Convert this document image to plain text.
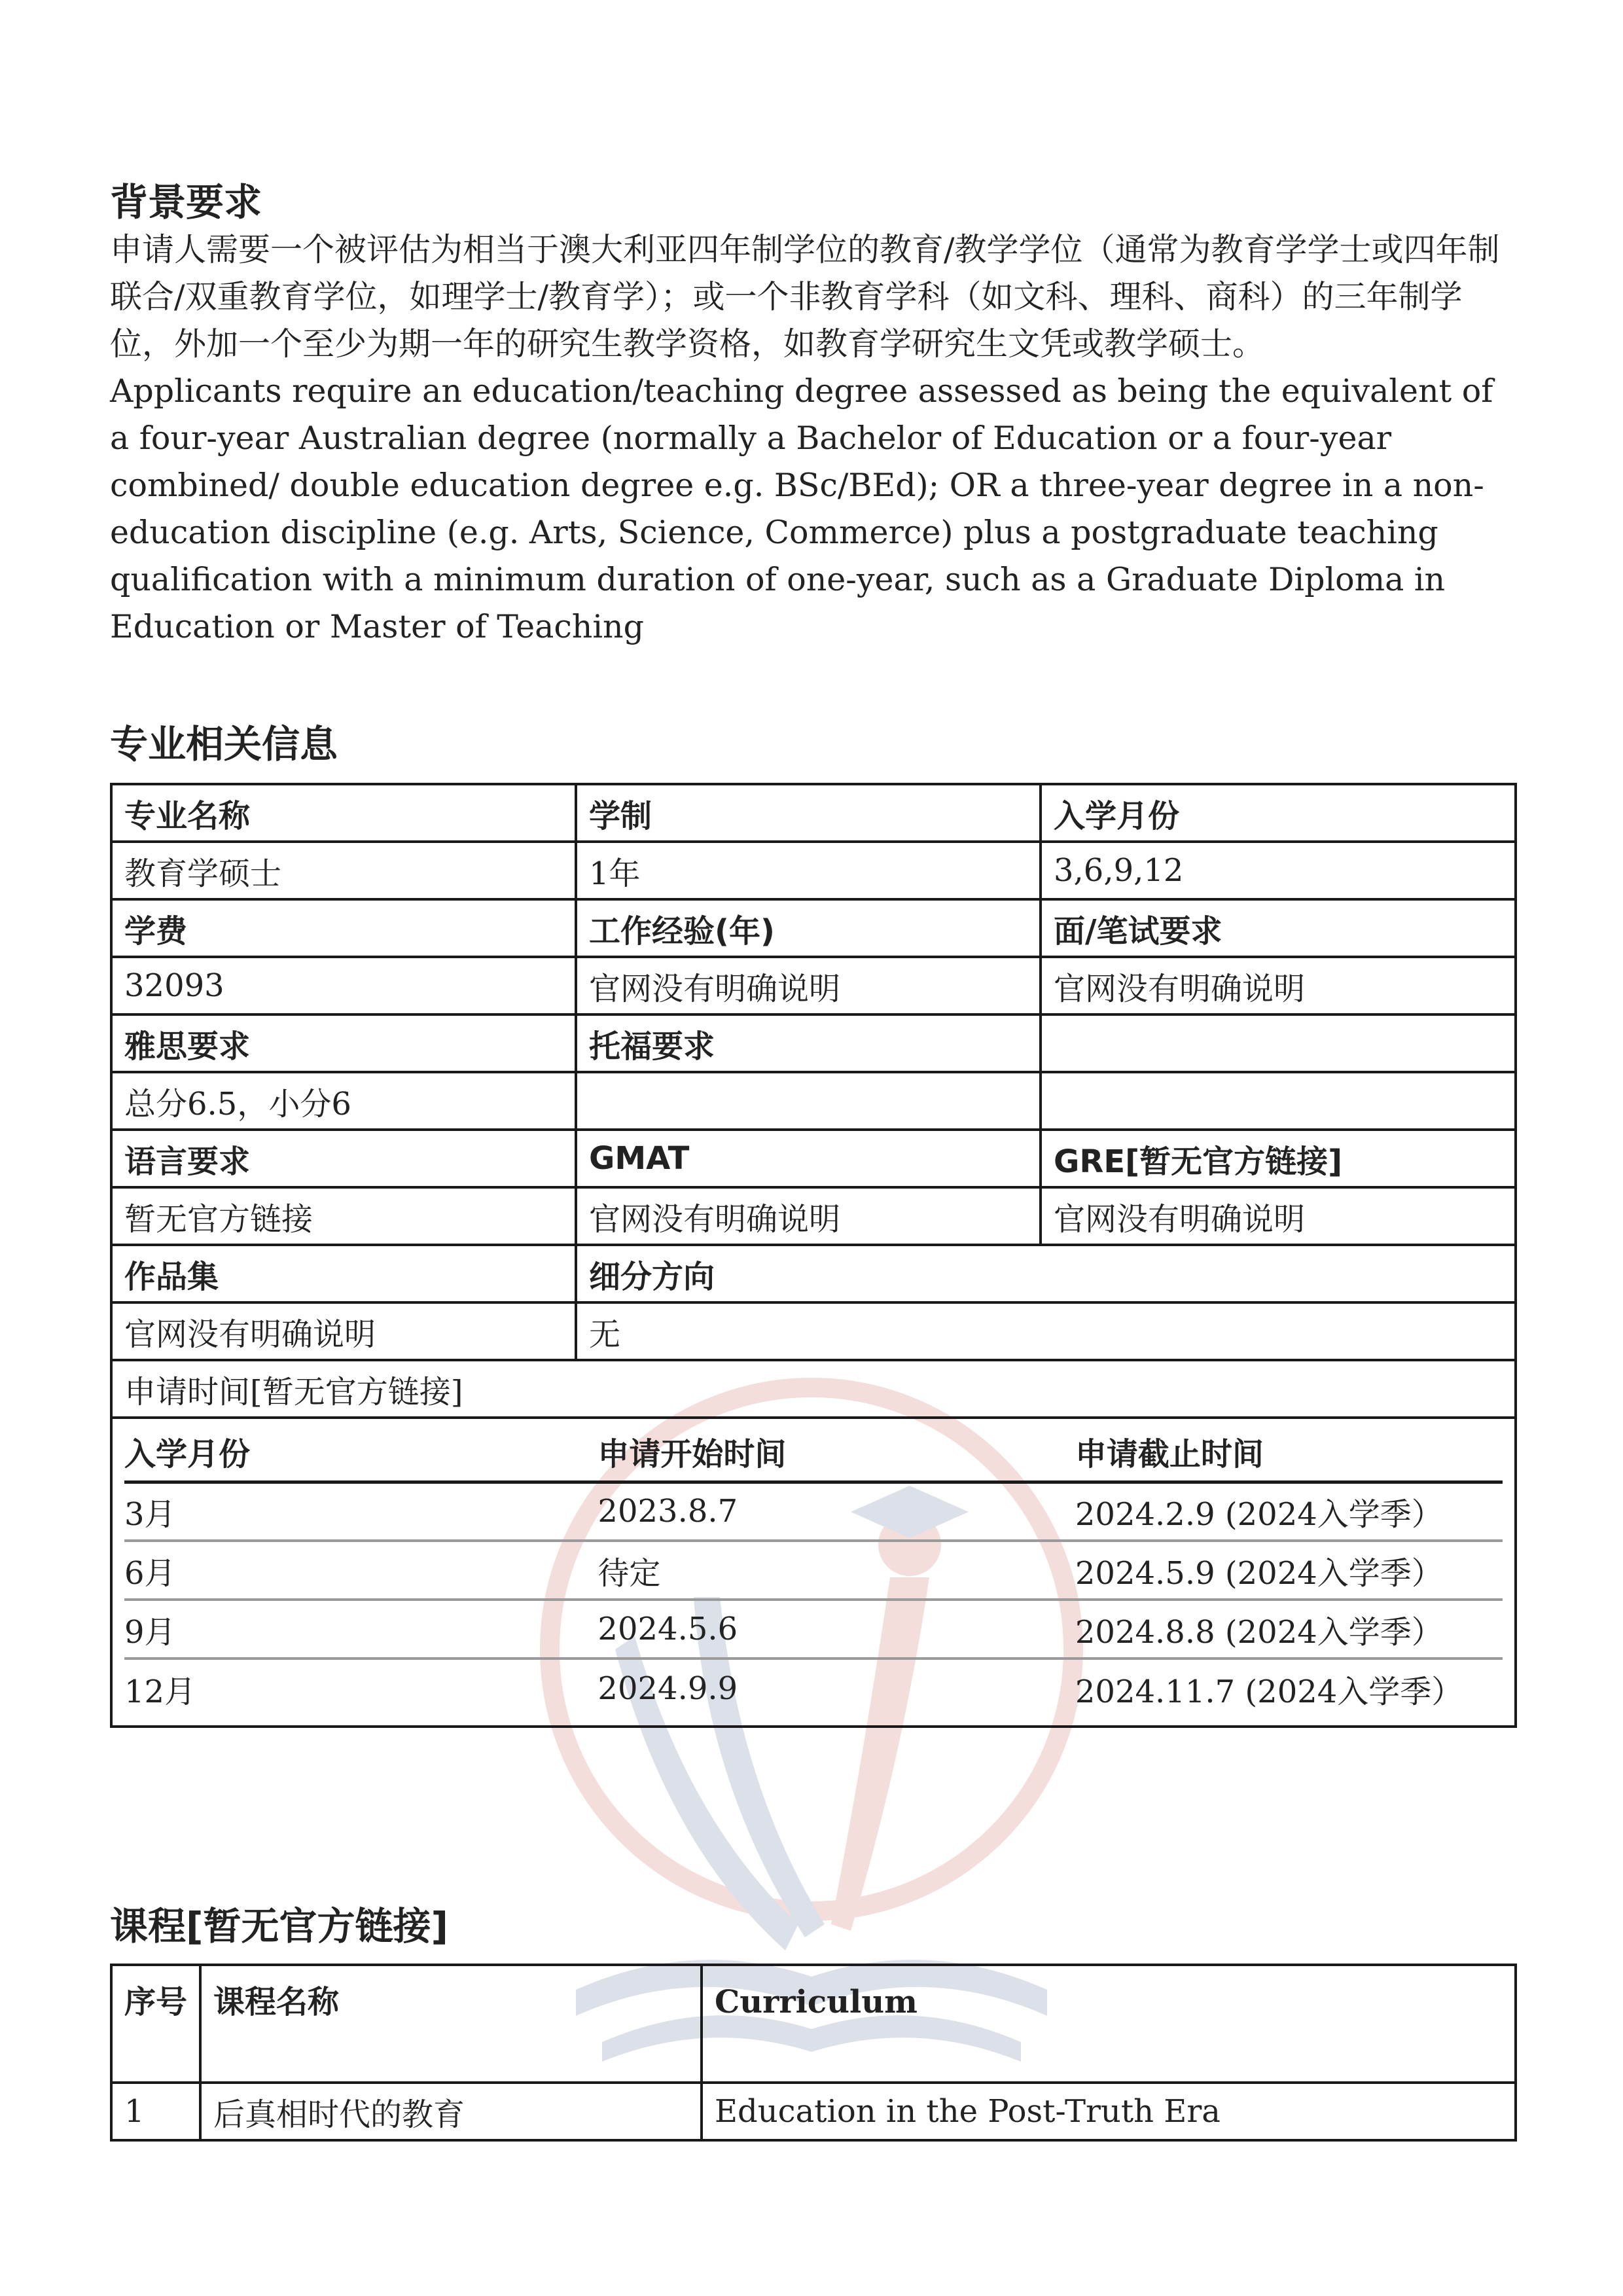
背景要求

申请人需要一个被评估为相当于澳大利亚四年制学位的教育/教学学位（通常为教育学学士或四年制联合/双重教育学位，如理学士/教育学）；或一个非教育学科（如文科、理科、商科）的三年制学位，外加一个至少为期一年的研究生教学资格，如教育学研究生文凭或教学硕士。

Applicants require an education/teaching degree assessed as being the equivalent of a four-year Australian degree (normally a Bachelor of Education or a four-year combined/ double education degree e.g. BSc/BEd); OR a three-year degree in a non-education discipline (e.g. Arts, Science, Commerce) plus a postgraduate teaching qualification with a minimum duration of one-year, such as a Graduate Diploma in Education or Master of Teaching

专业相关信息
专业名称	学制	入学月份
教育学硕士	1年	3,6,9,12
学费	工作经验(年)	面/笔试要求
32093	官网没有明确说明	官网没有明确说明
雅思要求	托福要求	
总分6.5，小分6		
语言要求	GMAT	GRE[暂无官方链接]
暂无官方链接	官网没有明确说明	官网没有明确说明
作品集	细分方向
官网没有明确说明	无
申请时间[暂无官方链接]

入学月份	申请开始时间	申请截止时间
3月	2023.8.7	2024.2.9 (2024入学季）
6月	待定	2024.5.9 (2024入学季）
9月	2024.5.6	2024.8.8 (2024入学季）
12月	2024.9.9	2024.11.7 (2024入学季）
课程[暂无官方链接]
序号	课程名称	Curriculum
1	后真相时代的教育	Education in the Post-Truth Era
